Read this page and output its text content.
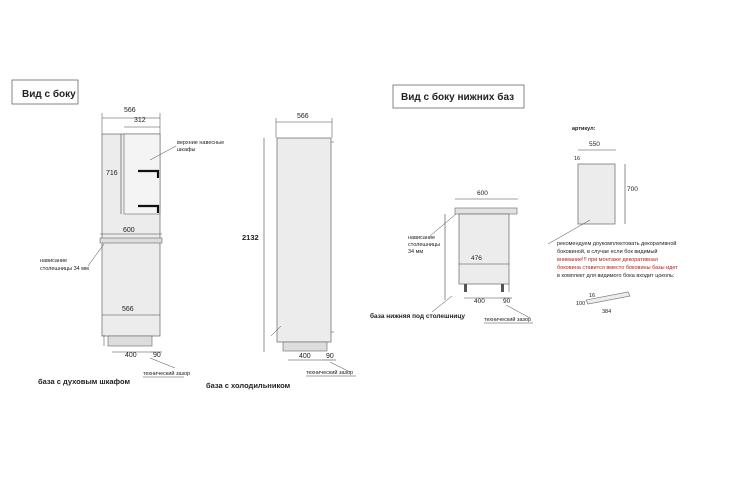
Вид с боку
566
312
716
верхние навесные
шкафы
600
нависание
столешницы 34 мм
566
400 90
технический зазор
база с духовым шкафом
566
2132
400 90
технический зазор
база с холодильником
Вид с боку нижних баз
600
476
нависание
столешницы
34 мм
400	90
технический зазор
база нижняя под столешницу
артикул:
550
16
700
рекомендуем доукомплектовать декоративной
боковиной, в случае если бок видимый
внимание!!! при монтаже декоративная
боковина ставится вместо боковины базы идет
в комплект для видимого бока входит цоколь:
16
100
384
